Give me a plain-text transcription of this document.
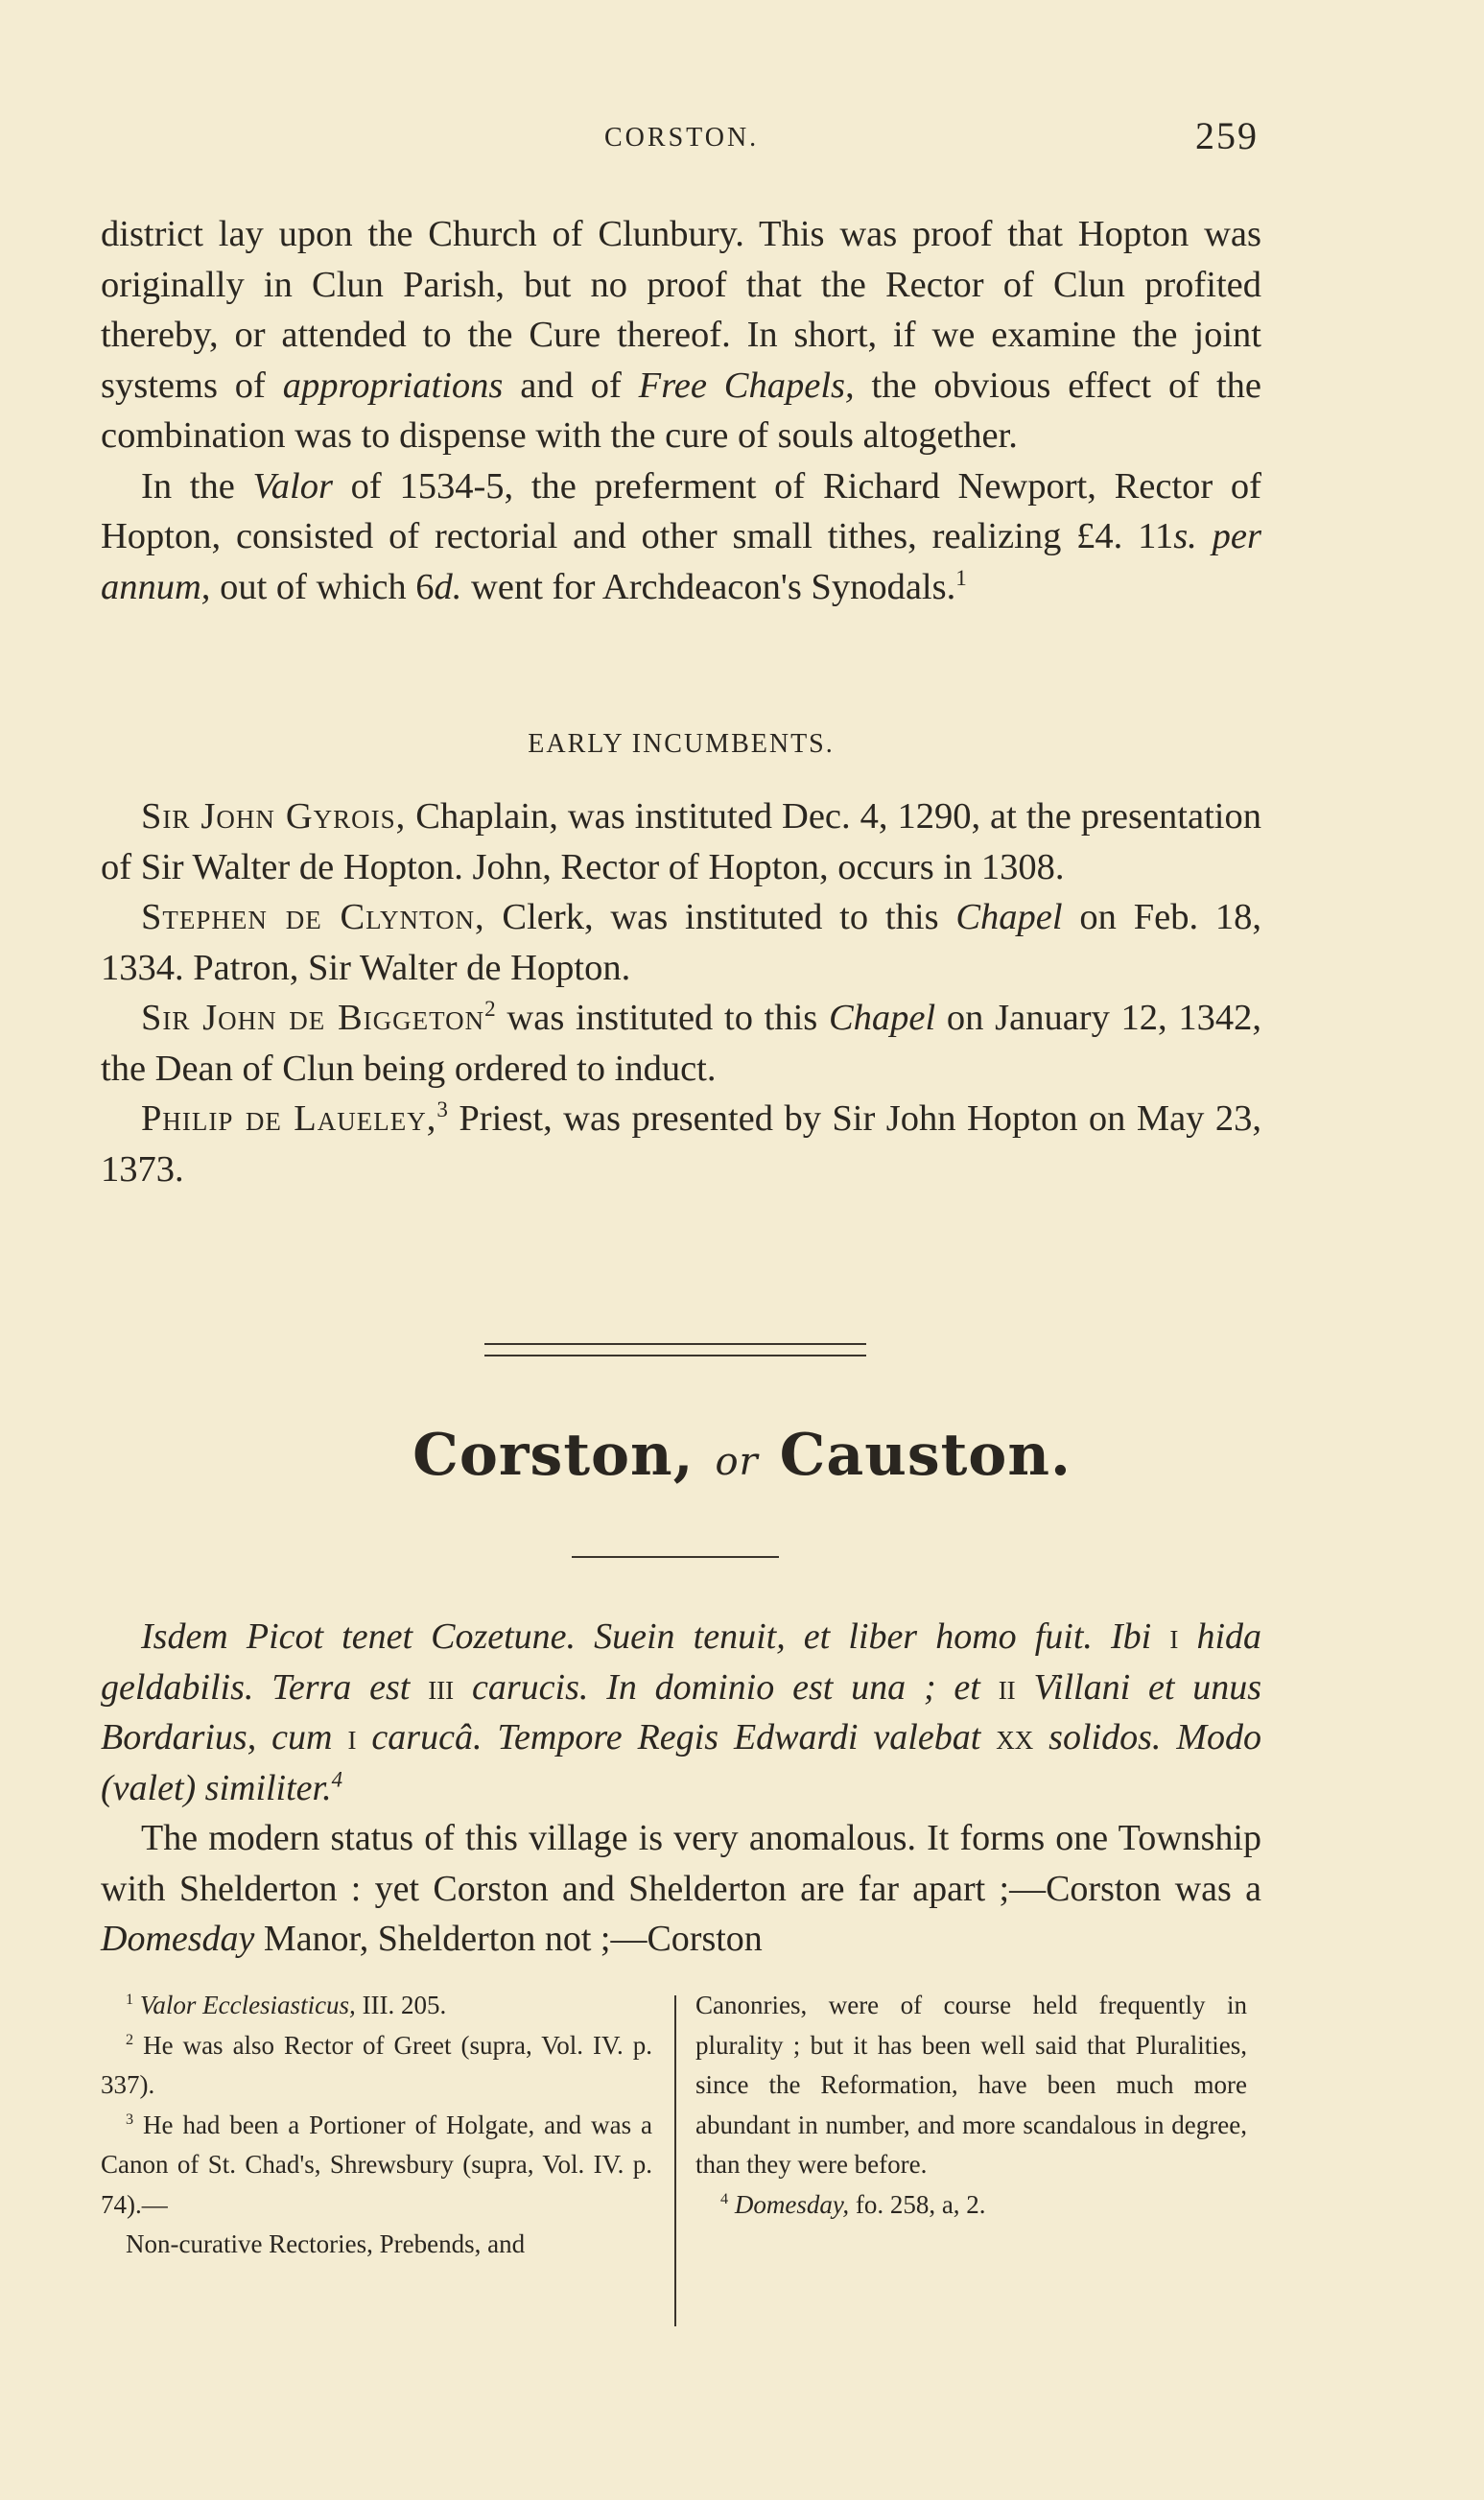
CORSTON.	259

district lay upon the Church of Clunbury. This was proof that Hopton was originally in Clun Parish, but no proof that the Rector of Clun profited thereby, or attended to the Cure thereof. In short, if we examine the joint systems of appropriations and of Free Chapels, the obvious effect of the combination was to dispense with the cure of souls altogether.

In the Valor of 1534-5, the preferment of Richard Newport, Rector of Hopton, consisted of rectorial and other small tithes, realizing £4. 11s. per annum, out of which 6d. went for Archdeacon's Synodals.$^1$

EARLY INCUMBENTS.

Sir John Gyrois, Chaplain, was instituted Dec. 4, 1290, at the presentation of Sir Walter de Hopton. John, Rector of Hopton, occurs in 1308.

Stephen de Clynton, Clerk, was instituted to this Chapel on Feb. 18, 1334. Patron, Sir Walter de Hopton.

Sir John de Biggeton$^2$ was instituted to this Chapel on January 12, 1342, the Dean of Clun being ordered to induct.

Philip de Laueley,$^3$ Priest, was presented by Sir John Hopton on May 23, 1373.

Corston, or Causton.

Isdem Picot tenet Cozetune. Suein tenuit, et liber homo fuit. Ibi i hida geldabilis. Terra est iii carucis. In dominio est una ; et ii Villani et unus Bordarius, cum i carucâ. Tempore Regis Edwardi valebat xx solidos. Modo (valet) similiter.$^4$

The modern status of this village is very anomalous. It forms one Township with Shelderton : yet Corston and Shelderton are far apart ;—Corston was a Domesday Manor, Shelderton not ;—Corston

$^1$ Valor Ecclesiasticus, III. 205.

$^2$ He was also Rector of Greet (supra, Vol. IV. p. 337).

$^3$ He had been a Portioner of Holgate, and was a Canon of St. Chad's, Shrewsbury (supra, Vol. IV. p. 74).—

Non-curative Rectories, Prebends, and

Canonries, were of course held frequently in plurality ; but it has been well said that Pluralities, since the Reformation, have been much more abundant in number, and more scandalous in degree, than they were before.

$^4$ Domesday, fo. 258, a, 2.
